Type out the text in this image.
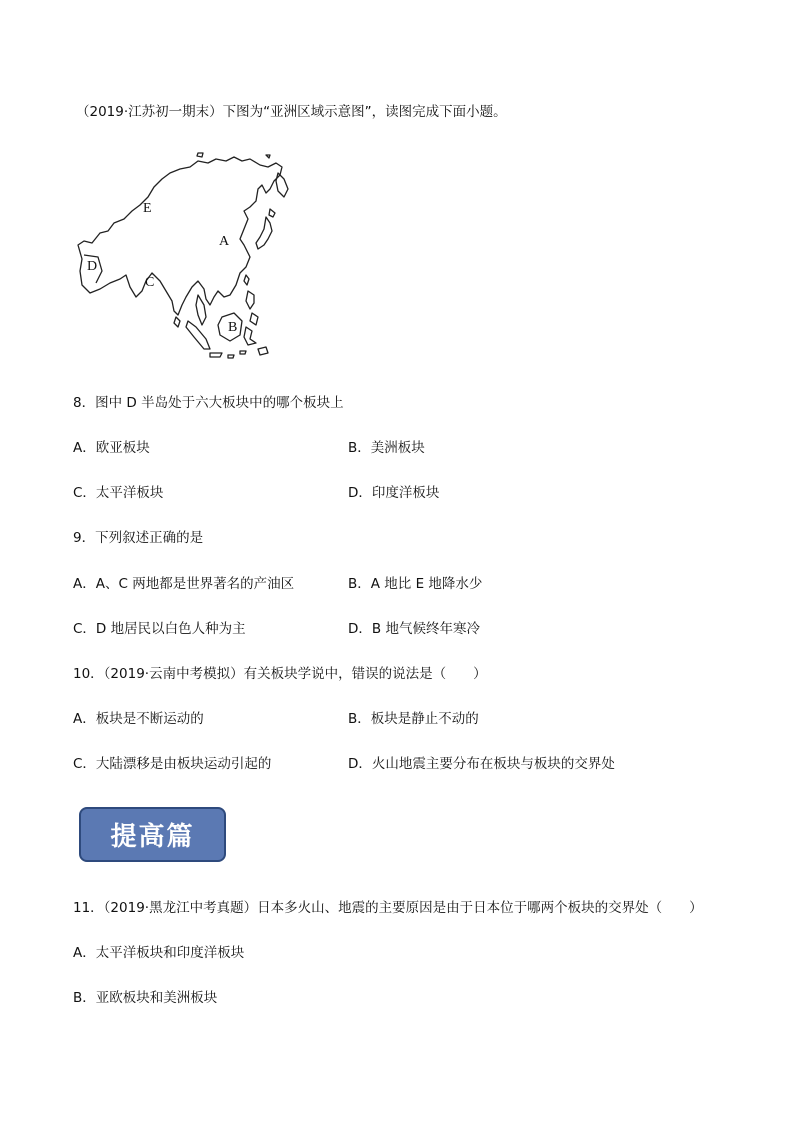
（2019·江苏初一期末）下图为“亚洲区域示意图”，读图完成下面小题。
E
A
D
C
B
8．图中 D 半岛处于六大板块中的哪个板块上
A．欧亚板块	B．美洲板块
C．太平洋板块	D．印度洋板块
9．下列叙述正确的是
A．A、C 两地都是世界著名的产油区	B．A 地比 E 地降水少
C．D 地居民以白色人种为主	D．B 地气候终年寒冷
10．（2019·云南中考模拟）有关板块学说中，错误的说法是（　　）
A．板块是不断运动的	B．板块是静止不动的
C．大陆漂移是由板块运动引起的	D．火山地震主要分布在板块与板块的交界处
提高篇
11．（2019·黑龙江中考真题）日本多火山、地震的主要原因是由于日本位于哪两个板块的交界处（　　）
A．太平洋板块和印度洋板块
B．亚欧板块和美洲板块
